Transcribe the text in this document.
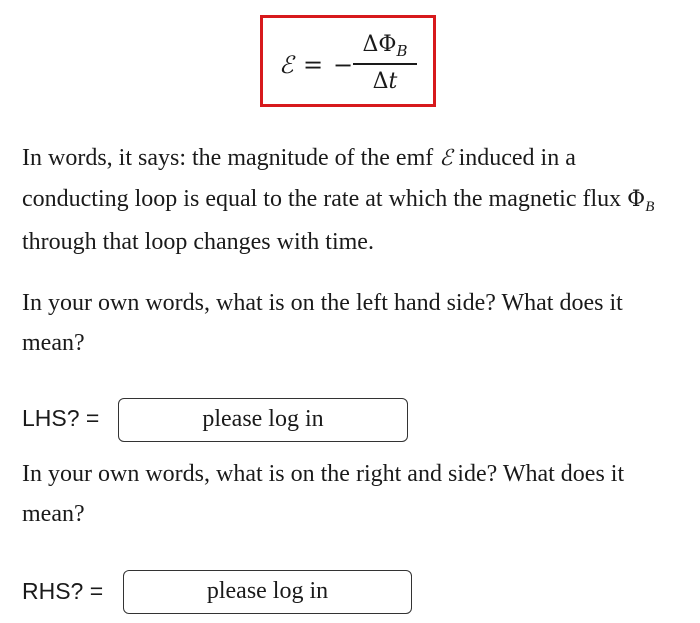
ℰ = −
$\Delta\Phi_B$
Δt

In words, it says: the magnitude of the emf ℰ induced in a conducting loop is equal to the rate at which the magnetic flux $\Phi_B$ through that loop changes with time.

In your own words, what is on the left hand side? What does it mean?

LHS? =	please log in

In your own words, what is on the right and side? What does it mean?

RHS? =	please log in
